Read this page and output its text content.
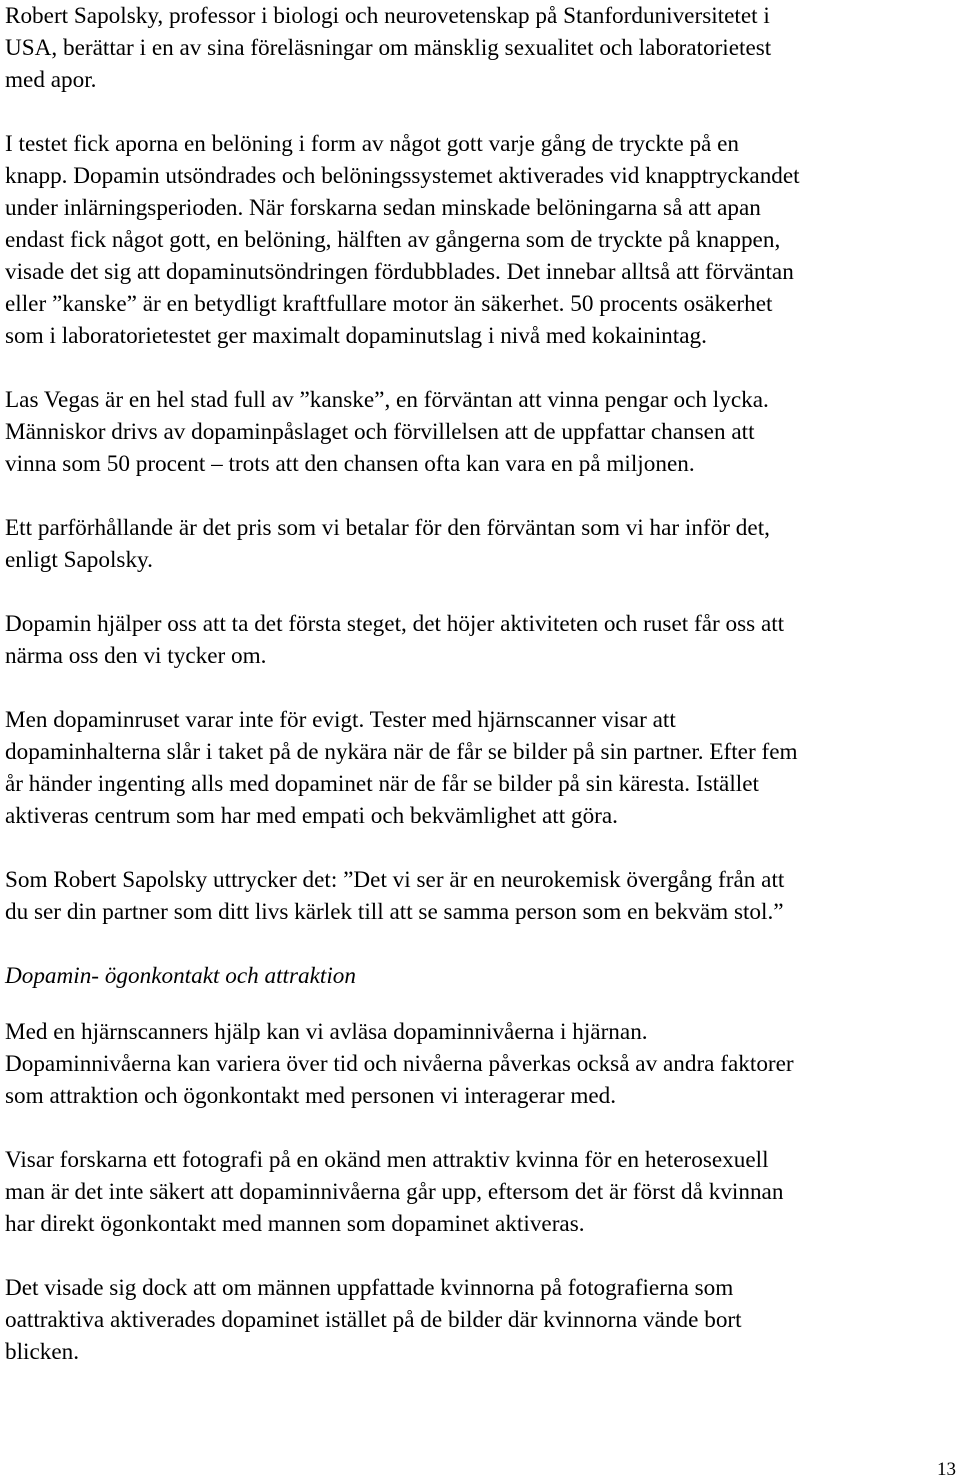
Robert Sapolsky, professor i biologi och neurovetenskap på Stanforduniversitetet i
USA, berättar i en av sina föreläsningar om mänsklig sexualitet och laboratorietest
med apor.

I testet fick aporna en belöning i form av något gott varje gång de tryckte på en
knapp. Dopamin utsöndrades och belöningssystemet aktiverades vid knapptryckandet
under inlärningsperioden. När forskarna sedan minskade belöningarna så att apan
endast fick något gott, en belöning, hälften av gångerna som de tryckte på knappen,
visade det sig att dopaminutsöndringen fördubblades. Det innebar alltså att förväntan
eller ”kanske” är en betydligt kraftfullare motor än säkerhet. 50 procents osäkerhet
som i laboratorietestet ger maximalt dopaminutslag i nivå med kokainintag.

Las Vegas är en hel stad full av ”kanske”, en förväntan att vinna pengar och lycka.
Människor drivs av dopaminpåslaget och förvillelsen att de uppfattar chansen att
vinna som 50 procent – trots att den chansen ofta kan vara en på miljonen.

Ett parförhållande är det pris som vi betalar för den förväntan som vi har inför det,
enligt Sapolsky.

Dopamin hjälper oss att ta det första steget, det höjer aktiviteten och ruset får oss att
närma oss den vi tycker om.

Men dopaminruset varar inte för evigt. Tester med hjärnscanner visar att
dopaminhalterna slår i taket på de nykära när de får se bilder på sin partner. Efter fem
år händer ingenting alls med dopaminet när de får se bilder på sin käresta. Istället
aktiveras centrum som har med empati och bekvämlighet att göra.

Som Robert Sapolsky uttrycker det: ”Det vi ser är en neurokemisk övergång från att
du ser din partner som ditt livs kärlek till att se samma person som en bekväm stol.”

Dopamin- ögonkontakt och attraktion

Med en hjärnscanners hjälp kan vi avläsa dopaminnivåerna i hjärnan.
Dopaminnivåerna kan variera över tid och nivåerna påverkas också av andra faktorer
som attraktion och ögonkontakt med personen vi interagerar med.

Visar forskarna ett fotografi på en okänd men attraktiv kvinna för en heterosexuell
man är det inte säkert att dopaminnivåerna går upp, eftersom det är först då kvinnan
har direkt ögonkontakt med mannen som dopaminet aktiveras.

Det visade sig dock att om männen uppfattade kvinnorna på fotografierna som
oattraktiva aktiverades dopaminet istället på de bilder där kvinnorna vände bort
blicken.

13
